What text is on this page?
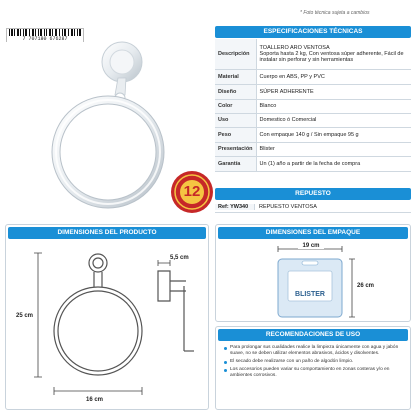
* Foto técnica sujeta a cambios
7 707180 676287
12
ESPECIFICACIONES TÉCNICAS
Descripción	TOALLERO ARO VENTOSA
Soporta hasta 2 kg, Con ventosa súper adherente, Fácil de instalar sin perforar y sin herramientas
Material	Cuerpo en ABS, PP y PVC
Diseño	SÚPER ADHERENTE
Color	Blanco
Uso	Domestico ó Comercial
Peso	Con empaque 140 g / Sin empaque 95 g
Presentación	Blister
Garantía	Un (1) año a partir de la fecha de compra
REPUESTO
Ref: YW340	REPUESTO VENTOSA
DIMENSIONES DEL PRODUCTO
25 cm
16 cm
5,5 cm
DIMENSIONES DEL EMPAQUE
19 cm
26 cm
BLISTER
RECOMENDACIONES DE USO
Para prolongar sus cualidades realice la limpieza únicamente con agua y jabón suave, no se deben utilizar elementos abrasivos, ácidos y disolventes.
El secado debe realizarse con un paño de algodón limpio.
Los accesorios pueden variar su comportamiento en zonas costeras y/o en ambientes corrosivos.
